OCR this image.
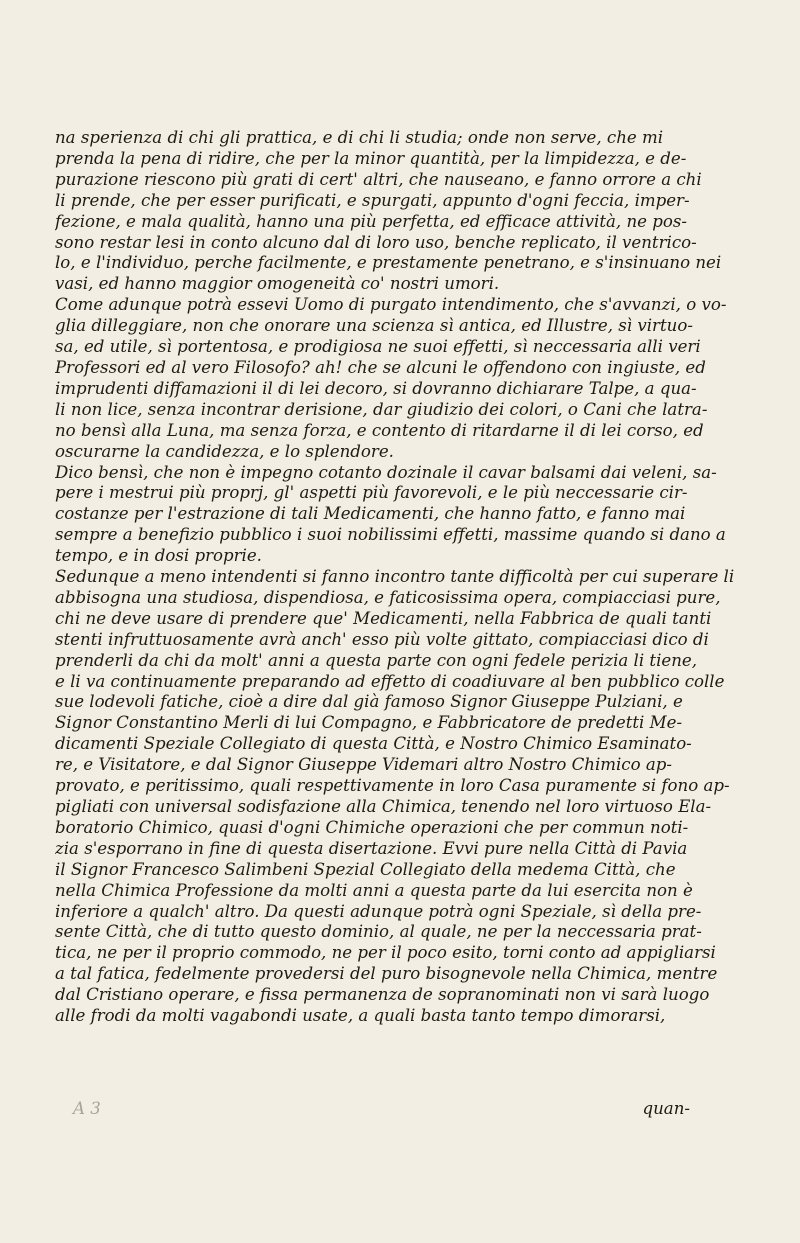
na sperienza di chi gli prattica, e di chi li studia; onde non serve, che mi
prenda la pena di ridire, che per la minor quantità, per la limpidezza, e de-
purazione riescono più grati di cert' altri, che nauseano, e fanno orrore a chi
li prende, che per esser purificati, e spurgati, appunto d'ogni feccia, imper-
fezione, e mala qualità, hanno una più perfetta, ed efficace attività, ne pos-
sono restar lesi in conto alcuno dal di loro uso, benche replicato, il ventrico-
lo, e l'individuo, perche facilmente, e prestamente penetrano, e s'insinuano nei
vasi, ed hanno maggior omogeneità co' nostri umori.
Come adunque potrà essevi Uomo di purgato intendimento, che s'avvanzi, o vo-
glia dilleggiare, non che onorare una scienza sì antica, ed Illustre, sì virtuo-
sa, ed utile, sì portentosa, e prodigiosa ne suoi effetti, sì neccessaria alli veri
Professori ed al vero Filosofo? ah! che se alcuni le offendono con ingiuste, ed
imprudenti diffamazioni il di lei decoro, si dovranno dichiarare Talpe, a qua-
li non lice, senza incontrar derisione, dar giudizio dei colori, o Cani che latra-
no bensì alla Luna, ma senza forza, e contento di ritardarne il di lei corso, ed
oscurarne la candidezza, e lo splendore.
Dico bensì, che non è impegno cotanto dozinale il cavar balsami dai veleni, sa-
pere i mestrui più proprj, gl' aspetti più favorevoli, e le più neccessarie cir-
costanze per l'estrazione di tali Medicamenti, che hanno fatto, e fanno mai
sempre a benefizio pubblico i suoi nobilissimi effetti, massime quando si dano a
tempo, e in dosi proprie.
Sedunque a meno intendenti si fanno incontro tante difficoltà per cui superare li
abbisogna una studiosa, dispendiosa, e faticosissima opera, compiacciasi pure,
chi ne deve usare di prendere que' Medicamenti, nella Fabbrica de quali tanti
stenti infruttuosamente avrà anch' esso più volte gittato, compiacciasi dico di
prenderli da chi da molt' anni a questa parte con ogni fedele perizia li tiene,
e li va continuamente preparando ad effetto di coadiuvare al ben pubblico colle
sue lodevoli fatiche, cioè a dire dal già famoso Signor Giuseppe Pulziani, e
Signor Constantino Merli di lui Compagno, e Fabbricatore de predetti Me-
dicamenti Speziale Collegiato di questa Città, e Nostro Chimico Esaminato-
re, e Visitatore, e dal Signor Giuseppe Videmari altro Nostro Chimico ap-
provato, e peritissimo, quali respettivamente in loro Casa puramente si fono ap-
pigliati con universal sodisfazione alla Chimica, tenendo nel loro virtuoso Ela-
boratorio Chimico, quasi d'ogni Chimiche operazioni che per commun noti-
zia s'esporrano in fine di questa disertazione. Evvi pure nella Città di Pavia
il Signor Francesco Salimbeni Spezial Collegiato della medema Città, che
nella Chimica Professione da molti anni a questa parte da lui esercita non è
inferiore a qualch' altro. Da questi adunque potrà ogni Speziale, sì della pre-
sente Città, che di tutto questo dominio, al quale, ne per la neccessaria prat-
tica, ne per il proprio commodo, ne per il poco esito, torni conto ad appigliarsi
a tal fatica, fedelmente provedersi del puro bisognevole nella Chimica, mentre
dal Cristiano operare, e fissa permanenza de sopranominati non vi sarà luogo
alle frodi da molti vagabondi usate, a quali basta tanto tempo dimorarsi,
A 3	quan-
